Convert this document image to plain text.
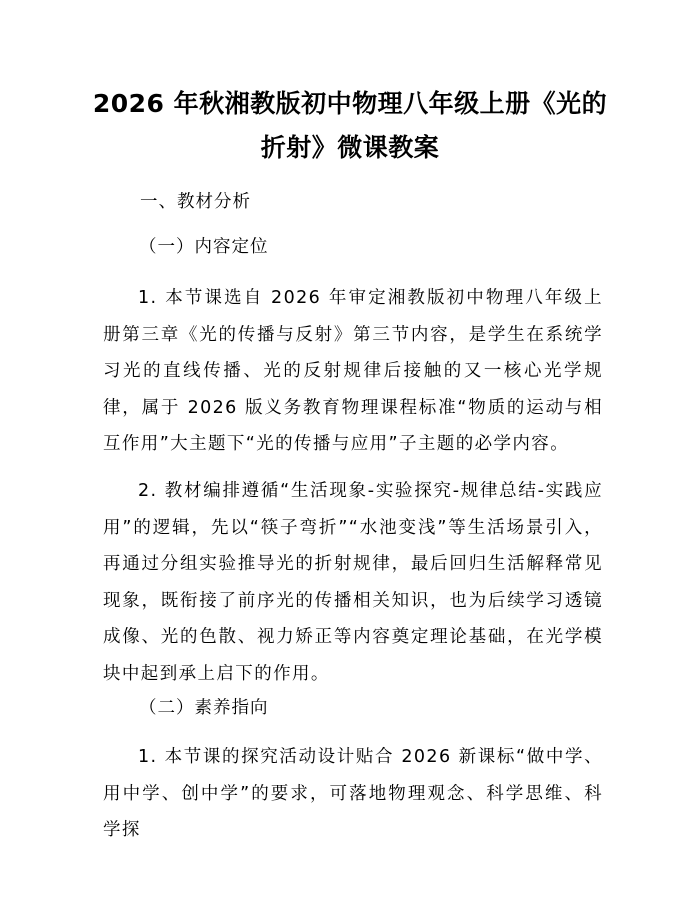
2026 年秋湘教版初中物理八年级上册《光的
折射》微课教案
一、教材分析
（一）内容定位
1. 本节课选自 2026 年审定湘教版初中物理八年级上册第三章《光的传播与反射》第三节内容，是学生在系统学习光的直线传播、光的反射规律后接触的又一核心光学规律，属于 2026 版义务教育物理课程标准“物质的运动与相互作用”大主题下“光的传播与应用”子主题的必学内容。
2. 教材编排遵循“生活现象-实验探究-规律总结-实践应用”的逻辑，先以“筷子弯折”“水池变浅”等生活场景引入，再通过分组实验推导光的折射规律，最后回归生活解释常见现象，既衔接了前序光的传播相关知识，也为后续学习透镜成像、光的色散、视力矫正等内容奠定理论基础，在光学模块中起到承上启下的作用。
（二）素养指向
1. 本节课的探究活动设计贴合 2026 新课标“做中学、用中学、创中学”的要求，可落地物理观念、科学思维、科学探
